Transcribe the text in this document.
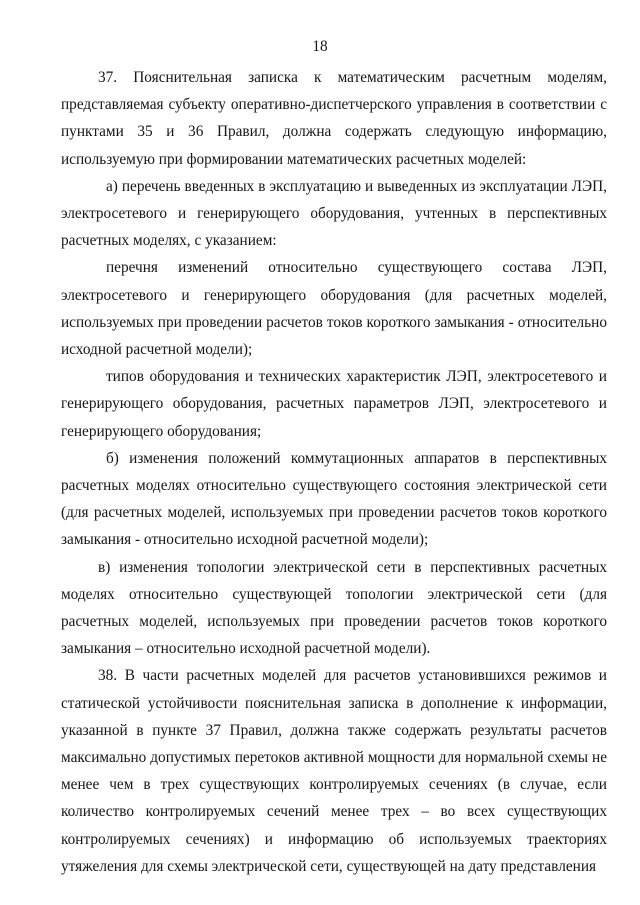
18

37. Пояснительная записка к математическим расчетным моделям, представляемая субъекту оперативно-диспетчерского управления в соответствии с пунктами 35 и 36 Правил, должна содержать следующую информацию, используемую при формировании математических расчетных моделей:

а) перечень введенных в эксплуатацию и выведенных из эксплуатации ЛЭП, электросетевого и генерирующего оборудования, учтенных в перспективных расчетных моделях, с указанием:

перечня изменений относительно существующего состава ЛЭП, электросетевого и генерирующего оборудования (для расчетных моделей, используемых при проведении расчетов токов короткого замыкания - относительно исходной расчетной модели);

типов оборудования и технических характеристик ЛЭП, электросетевого и генерирующего оборудования, расчетных параметров ЛЭП, электросетевого и генерирующего оборудования;

б) изменения положений коммутационных аппаратов в перспективных расчетных моделях относительно существующего состояния электрической сети (для расчетных моделей, используемых при проведении расчетов токов короткого замыкания - относительно исходной расчетной модели);

в) изменения топологии электрической сети в перспективных расчетных моделях относительно существующей топологии электрической сети (для расчетных моделей, используемых при проведении расчетов токов короткого замыкания – относительно исходной расчетной модели).

38. В части расчетных моделей для расчетов установившихся режимов и статической устойчивости пояснительная записка в дополнение к информации, указанной в пункте 37 Правил, должна также содержать результаты расчетов максимально допустимых перетоков активной мощности для нормальной схемы не менее чем в трех существующих контролируемых сечениях (в случае, если количество контролируемых сечений менее трех – во всех существующих контролируемых сечениях) и информацию об используемых траекториях утяжеления для схемы электрической сети, существующей на дату представления
